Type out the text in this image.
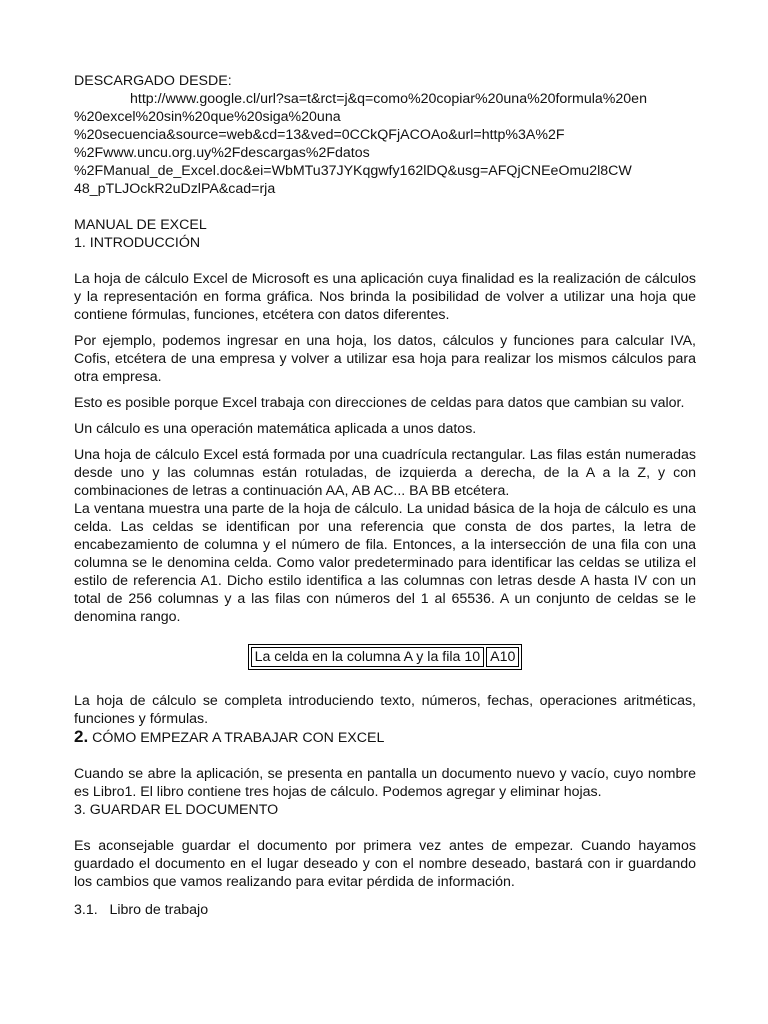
DESCARGADO DESDE:
http://www.google.cl/url?sa=t&rct=j&q=como%20copiar%20una%20formula%20en
%20excel%20sin%20que%20siga%20una
%20secuencia&source=web&cd=13&ved=0CCkQFjACOAo&url=http%3A%2F
%2Fwww.uncu.org.uy%2Fdescargas%2Fdatos
%2FManual_de_Excel.doc&ei=WbMTu37JYKqgwfy162lDQ&usg=AFQjCNEeOmu2l8CW
48_pTLJOckR2uDzlPA&cad=rja
MANUAL DE EXCEL
1. INTRODUCCIÓN

La hoja de cálculo Excel de Microsoft es una aplicación cuya finalidad es la realización de cálculos y la representación en forma gráfica. Nos brinda la posibilidad de volver a utilizar una hoja que contiene fórmulas, funciones, etcétera con datos diferentes.

Por ejemplo, podemos ingresar en una hoja, los datos, cálculos y funciones para calcular IVA, Cofis, etcétera de una empresa y volver a utilizar esa hoja para realizar los mismos cálculos para otra empresa.

Esto es posible porque Excel trabaja con direcciones de celdas para datos que cambian su valor.

Un cálculo es una operación matemática aplicada a unos datos.

Una hoja de cálculo Excel está formada por una cuadrícula rectangular. Las filas están numeradas desde uno y las columnas están rotuladas, de izquierda a derecha, de la A a la Z, y con combinaciones de letras a continuación AA, AB AC... BA BB etcétera.

La ventana muestra una parte de la hoja de cálculo. La unidad básica de la hoja de cálculo es una celda. Las celdas se identifican por una referencia que consta de dos partes, la letra de encabezamiento de columna y el número de fila. Entonces, a la intersección de una fila con una columna se le denomina celda. Como valor predeterminado para identificar las celdas se utiliza el estilo de referencia A1. Dicho estilo identifica a las columnas con letras desde A hasta IV con un total de 256 columnas y a las filas con números del 1 al 65536. A un conjunto de celdas se le denomina rango.

La celda en la columna A y la fila 10	A10

La hoja de cálculo se completa introduciendo texto, números, fechas, operaciones aritméticas, funciones y fórmulas.

2. CÓMO EMPEZAR A TRABAJAR CON EXCEL

Cuando se abre la aplicación, se presenta en pantalla un documento nuevo y vacío, cuyo nombre es Libro1. El libro contiene tres hojas de cálculo. Podemos agregar y eliminar hojas.

3. GUARDAR EL DOCUMENTO

Es aconsejable guardar el documento por primera vez antes de empezar. Cuando hayamos guardado el documento en el lugar deseado y con el nombre deseado, bastará con ir guardando los cambios que vamos realizando para evitar pérdida de información.

3.1.   Libro de trabajo
